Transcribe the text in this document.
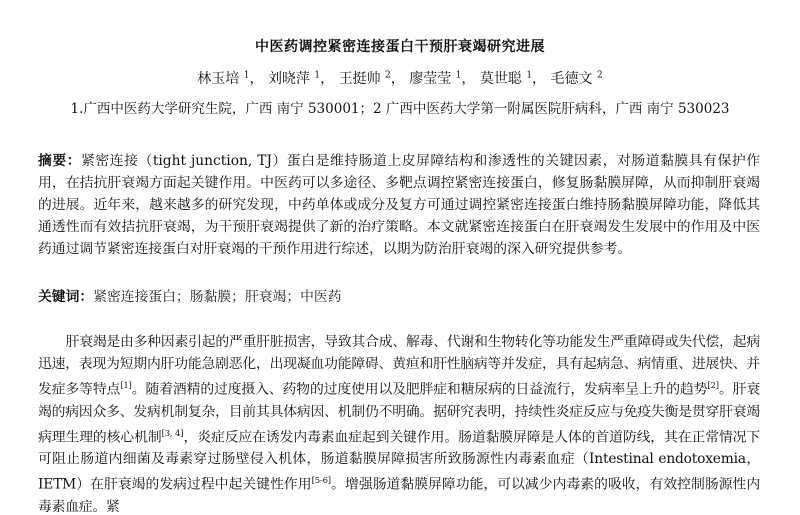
中医药调控紧密连接蛋白干预肝衰竭研究进展
林玉培 $^1$， 刘晓萍 $^1$， 王挺帅 $^2$， 廖莹莹 $^1$， 莫世聪 $^1$， 毛德文 $^2$
1.广西中医药大学研究生院，广西 南宁 530001；2 广西中医药大学第一附属医院肝病科，广西 南宁 530023
摘要：紧密连接（tight junction, TJ）蛋白是维持肠道上皮屏障结构和渗透性的关键因素，对肠道黏膜具有保护作用，在拮抗肝衰竭方面起关键作用。中医药可以多途径、多靶点调控紧密连接蛋白，修复肠黏膜屏障，从而抑制肝衰竭的进展。近年来，越来越多的研究发现，中药单体或成分及复方可通过调控紧密连接蛋白维持肠黏膜屏障功能，降低其通透性而有效拮抗肝衰竭，为干预肝衰竭提供了新的治疗策略。本文就紧密连接蛋白在肝衰竭发生发展中的作用及中医药通过调节紧密连接蛋白对肝衰竭的干预作用进行综述，以期为防治肝衰竭的深入研究提供参考。
关键词：紧密连接蛋白；肠黏膜；肝衰竭；中医药
肝衰竭是由多种因素引起的严重肝脏损害，导致其合成、解毒、代谢和生物转化等功能发生严重障碍或失代偿，起病迅速，表现为短期内肝功能急剧恶化，出现凝血功能障碍、黄疸和肝性脑病等并发症，具有起病急、病情重、进展快、并发症多等特点[1]。随着酒精的过度摄入、药物的过度使用以及肥胖症和糖尿病的日益流行，发病率呈上升的趋势[2]。肝衰竭的病因众多、发病机制复杂，目前其具体病因、机制仍不明确。据研究表明，持续性炎症反应与免疫失衡是贯穿肝衰竭病理生理的核心机制[3, 4]，炎症反应在诱发内毒素血症起到关键作用。肠道黏膜屏障是人体的首道防线，其在正常情况下可阻止肠道内细菌及毒素穿过肠壁侵入机体，肠道黏膜屏障损害所致肠源性内毒素血症（Intestinal endotoxemia，IETM）在肝衰竭的发病过程中起关键性作用[5-6]。增强肠道黏膜屏障功能，可以减少内毒素的吸收，有效控制肠源性内毒素血症。紧
